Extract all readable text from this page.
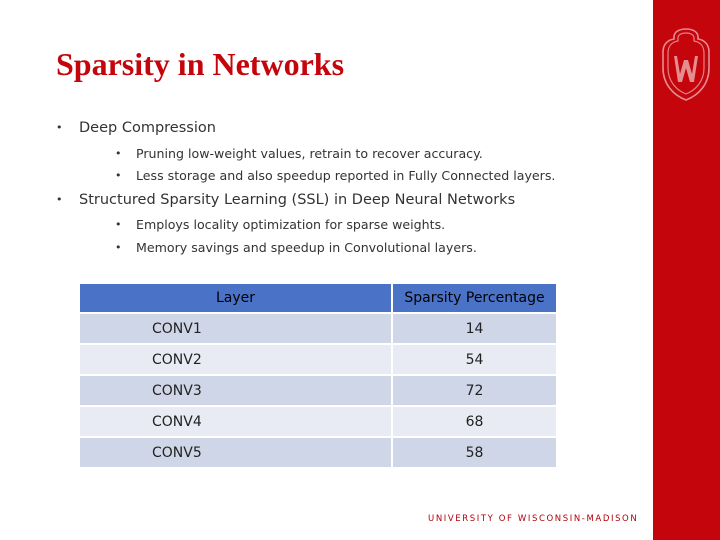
Sparsity in Networks
• Deep Compression
• Pruning low-weight values, retrain to recover accuracy.
• Less storage and also speedup reported in Fully Connected layers.
• Structured Sparsity Learning (SSL) in Deep Neural Networks
• Employs locality optimization for sparse weights.
• Memory savings and speedup in Convolutional layers.
Layer	Sparsity Percentage
CONV1	14
CONV2	54
CONV3	72
CONV4	68
CONV5	58
UNIVERSITY OF WISCONSIN-MADISON
